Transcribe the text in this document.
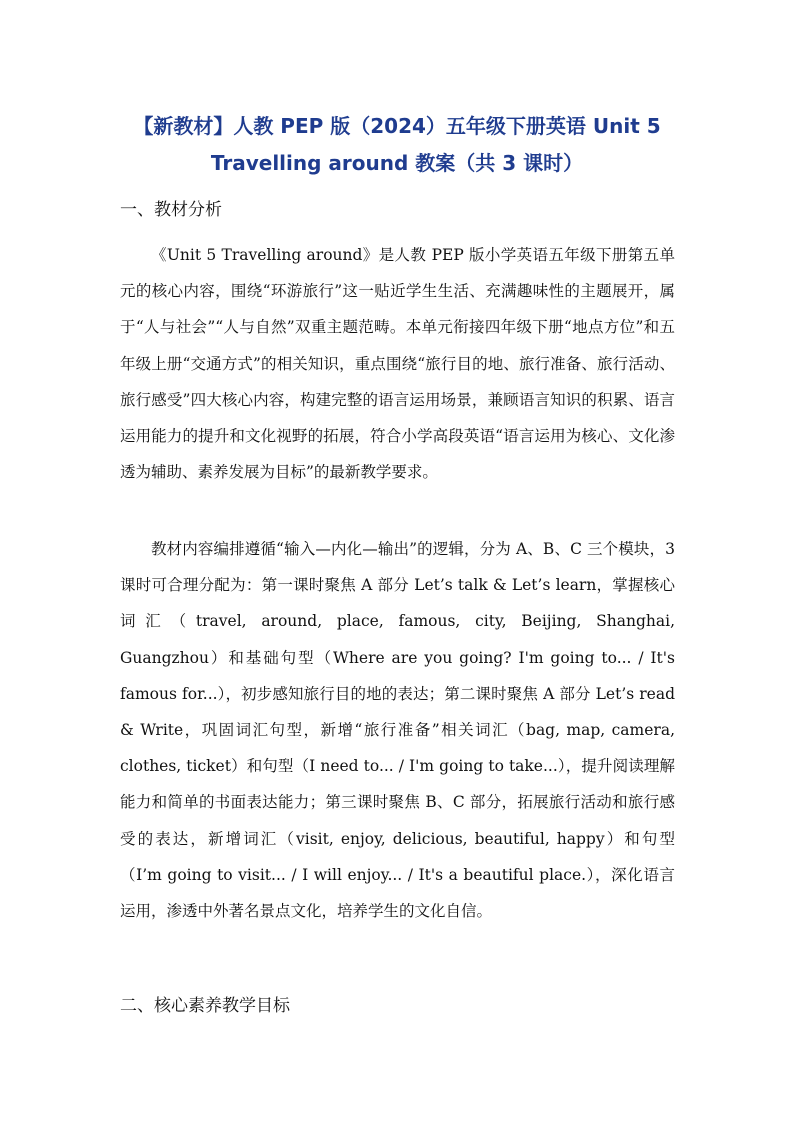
【新教材】人教 PEP 版（2024）五年级下册英语 Unit 5
Travelling around 教案（共 3 课时）
一、教材分析

《Unit 5 Travelling around》是人教 PEP 版小学英语五年级下册第五单元的核心内容，围绕“环游旅行”这一贴近学生生活、充满趣味性的主题展开，属于“人与社会”“人与自然”双重主题范畴。本单元衔接四年级下册“地点方位”和五年级上册“交通方式”的相关知识，重点围绕“旅行目的地、旅行准备、旅行活动、旅行感受”四大核心内容，构建完整的语言运用场景，兼顾语言知识的积累、语言运用能力的提升和文化视野的拓展，符合小学高段英语“语言运用为核心、文化渗透为辅助、素养发展为目标”的最新教学要求。

教材内容编排遵循“输入—内化—输出”的逻辑，分为 A、B、C 三个模块，3 课时可合理分配为：第一课时聚焦 A 部分 Let’s talk & Let’s learn，掌握核心词汇（travel, around, place, famous, city, Beijing, Shanghai, Guangzhou）和基础句型（Where are you going? I'm going to... / It's famous for...），初步感知旅行目的地的表达；第二课时聚焦 A 部分 Let’s read & Write，巩固词汇句型，新增“旅行准备”相关词汇（bag, map, camera, clothes, ticket）和句型（I need to... / I'm going to take...），提升阅读理解能力和简单的书面表达能力；第三课时聚焦 B、C 部分，拓展旅行活动和旅行感受的表达，新增词汇（visit, enjoy, delicious, beautiful, happy）和句型（I’m going to visit... / I will enjoy... / It's a beautiful place.），深化语言运用，渗透中外著名景点文化，培养学生的文化自信。

二、核心素养教学目标
